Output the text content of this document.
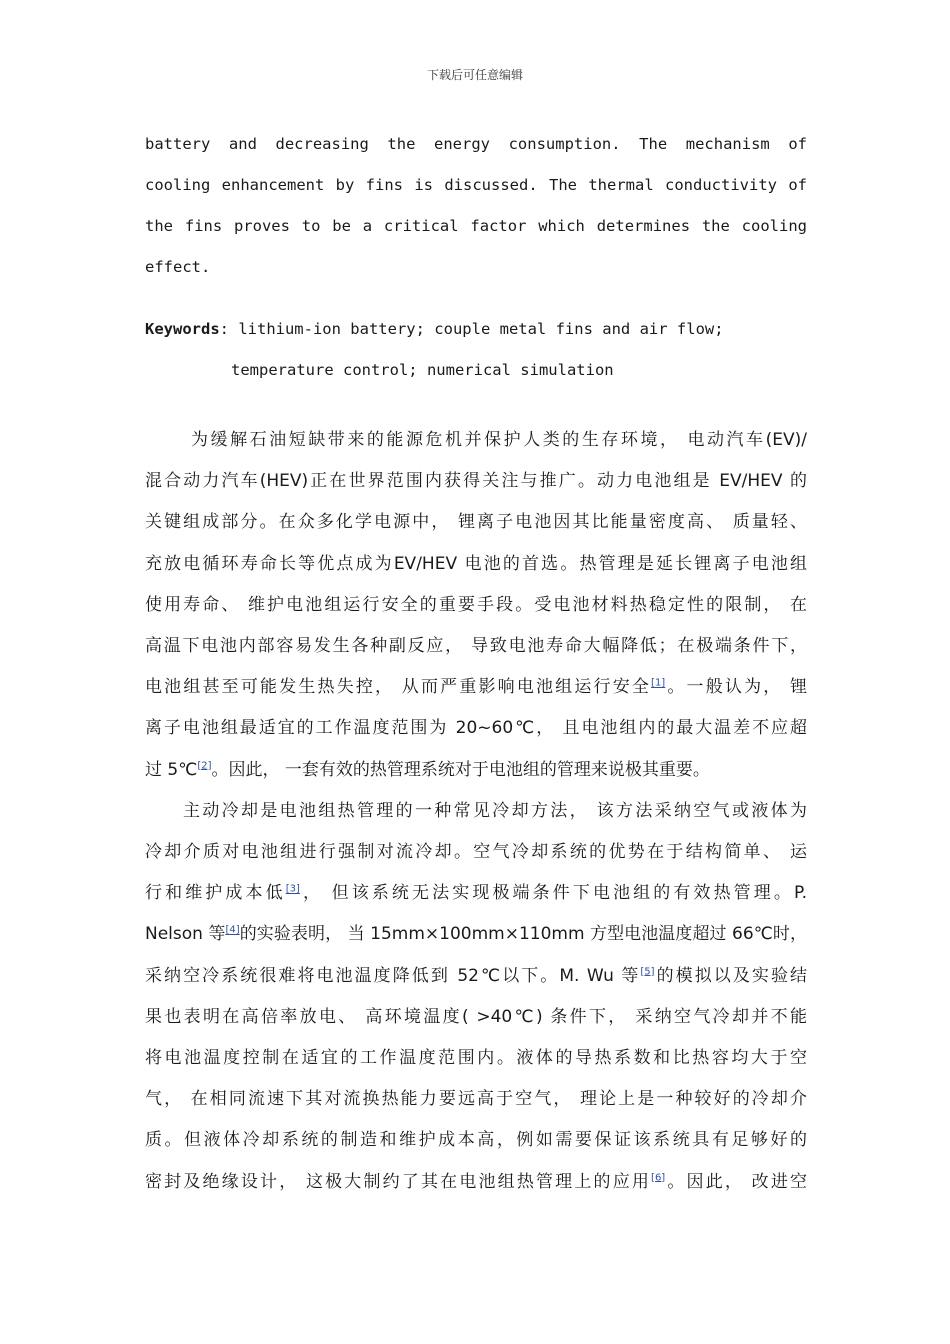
下载后可任意编辑
battery and decreasing the energy consumption. The mechanism of
cooling enhancement by fins is discussed. The thermal conductivity of
the fins proves to be a critical factor which determines the cooling
effect.
Keywords: lithium-ion battery; couple metal fins and air flow;
temperature control; numerical simulation
为缓解石油短缺带来的能源危机并保护人类的生存环境， 电动汽车(EV)/
混合动力汽车(HEV)正在世界范围内获得关注与推广。动力电池组是 EV/HEV 的
关键组成部分。在众多化学电源中， 锂离子电池因其比能量密度高、 质量轻、
充放电循环寿命长等优点成为EV/HEV 电池的首选。热管理是延长锂离子电池组
使用寿命、 维护电池组运行安全的重要手段。受电池材料热稳定性的限制， 在
高温下电池内部容易发生各种副反应， 导致电池寿命大幅降低；在极端条件下，
电池组甚至可能发生热失控， 从而严重影响电池组运行安全[1]。一般认为， 锂
离子电池组最适宜的工作温度范围为 20~60℃， 且电池组内的最大温差不应超
过 5℃[2]。因此， 一套有效的热管理系统对于电池组的管理来说极其重要。
主动冷却是电池组热管理的一种常见冷却方法， 该方法采纳空气或液体为
冷却介质对电池组进行强制对流冷却。空气冷却系统的优势在于结构简单、 运
行和维护成本低[3]， 但该系统无法实现极端条件下电池组的有效热管理。P.
Nelson 等[4]的实验表明， 当 15mm×100mm×110mm 方型电池温度超过 66℃时，
采纳空冷系统很难将电池温度降低到 52℃以下。M. Wu 等[5]的模拟以及实验结
果也表明在高倍率放电、 高环境温度( >40℃) 条件下， 采纳空气冷却并不能
将电池温度控制在适宜的工作温度范围内。液体的导热系数和比热容均大于空
气， 在相同流速下其对流换热能力要远高于空气， 理论上是一种较好的冷却介
质。但液体冷却系统的制造和维护成本高，例如需要保证该系统具有足够好的
密封及绝缘设计， 这极大制约了其在电池组热管理上的应用[6]。因此， 改进空
